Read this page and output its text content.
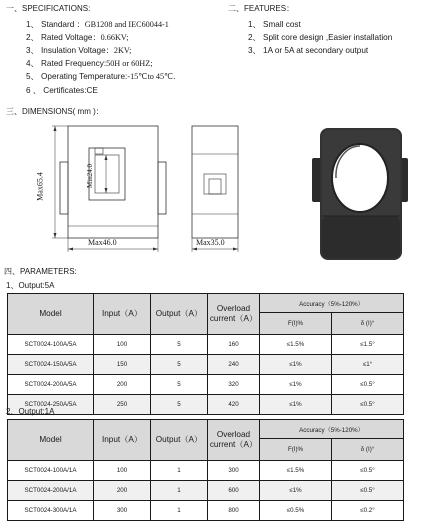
一、SPECIFICATIONS:
1、 Standard ：GB1208 and IEC60044-1
2、 Rated Voltage：0.66KV;
3、 Insulation Voltage：2KV;
4、 Rated Frequency:50H or 60HZ;
5、 Operating Temperature:-15℃to 45℃.
6 、 Certificates:CE
二、FEATURES：
1、 Small cost
2、 Split core design ,Easier installation
3、 1A or 5A at secondary output
三、DIMENSIONS( mm )：
Max65.4	Min24.0
Max46.0	Max35.0
四、PARAMETERS:
1、Output:5A
Model	Input（A）	Output（A）	Overload current（A）	Accuracy（5%-120%）	
				F(I)%	δ (I)°
SCT0024-100A/5A	100	5	160	≤1.5%	≤1.5°
SCT0024-150A/5A	150	5	240	≤1%	≤1°
SCT0024-200A/5A	200	5	320	≤1%	≤0.5°
SCT0024-250A/5A	250	5	420	≤1%	≤0.5°
2、Output:1A
Model	Input（A）	Output（A）	Overload current（A）	Accuracy（5%-120%）	
				F(I)%	δ (I)°
SCT0024-100A/1A	100	1	300	≤1.5%	≤0.5°
SCT0024-200A/1A	200	1	600	≤1%	≤0.5°
SCT0024-300A/1A	300	1	800	≤0.5%	≤0.2°
